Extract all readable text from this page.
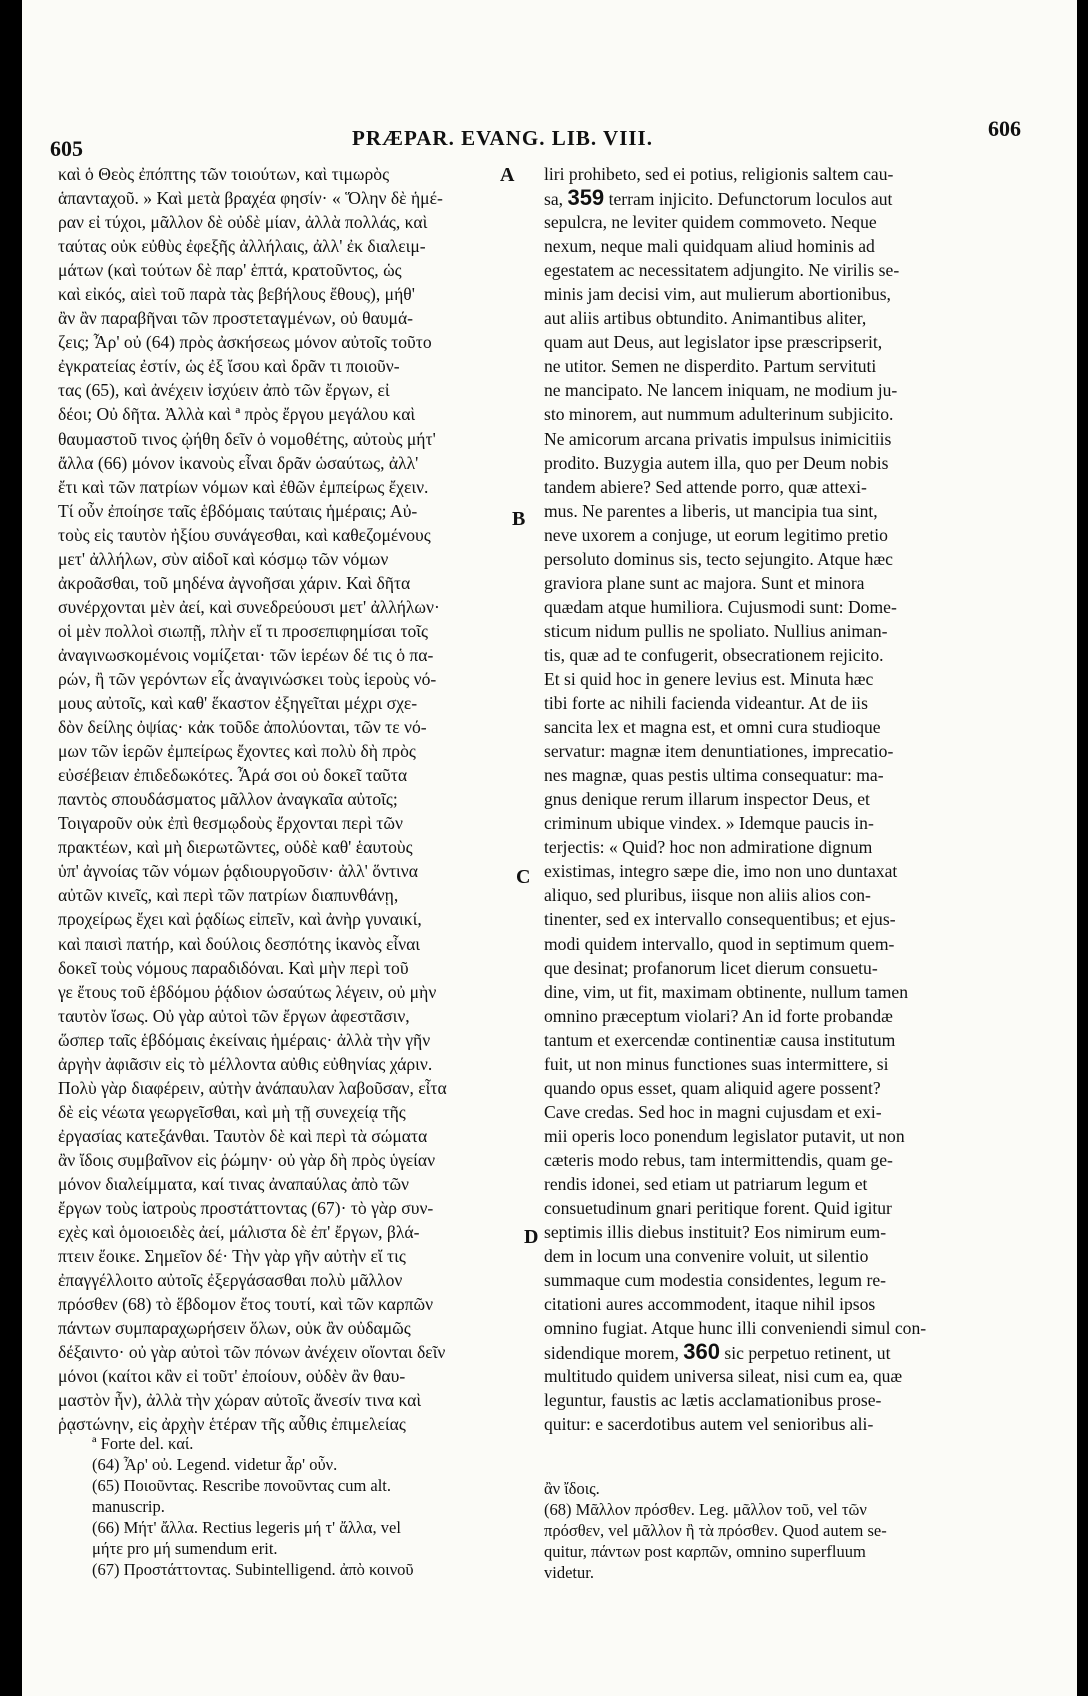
605	PRÆPAR. EVANG. LIB. VIII.	606
καὶ ὁ Θεὸς ἐπόπτης τῶν τοιούτων, καὶ τιμωρὸς
ἁπανταχοῦ. » Καὶ μετὰ βραχέα φησίν· « Ὅλην δὲ ἡμέ-
ραν εἰ τύχοι, μᾶλλον δὲ οὐδὲ μίαν, ἀλλὰ πολλάς, καὶ
ταύτας οὐκ εὐθὺς ἐφεξῆς ἀλλήλαις, ἀλλ' ἐκ διαλειμ-
μάτων (καὶ τούτων δὲ παρ' ἑπτά, κρατοῦντος, ὡς
καὶ εἰκός, αἰεὶ τοῦ παρὰ τὰς βεβήλους ἔθους), μήθ'
ἂν ἂν παραβῆναι τῶν προστεταγμένων, οὐ θαυμά-
ζεις; Ἆρ' οὐ (64) πρὸς ἀσκήσεως μόνον αὐτοῖς τοῦτο
ἐγκρατείας ἐστίν, ὡς ἐξ ἴσου καὶ δρᾶν τι ποιοῦν-
τας (65), καὶ ἀνέχειν ἰσχύειν ἀπὸ τῶν ἔργων, εἰ
δέοι; Οὐ δῆτα. Ἀλλὰ καὶ ª πρὸς ἔργου μεγάλου καὶ
θαυμαστοῦ τινος ᾠήθη δεῖν ὁ νομοθέτης, αὐτοὺς μήτ'
ἄλλα (66) μόνον ἱκανοὺς εἶναι δρᾶν ὡσαύτως, ἀλλ'
ἔτι καὶ τῶν πατρίων νόμων καὶ ἐθῶν ἐμπείρως ἔχειν.
Τί οὖν ἐποίησε ταῖς ἑβδόμαις ταύταις ἡμέραις; Αὐ-
τοὺς εἰς ταυτὸν ἠξίου συνάγεσθαι, καὶ καθεζομένους
μετ' ἀλλήλων, σὺν αἰδοῖ καὶ κόσμῳ τῶν νόμων
ἀκροᾶσθαι, τοῦ μηδένα ἀγνοῆσαι χάριν. Καὶ δῆτα
συνέρχονται μὲν ἀεί, καὶ συνεδρεύουσι μετ' ἀλλήλων·
οἱ μὲν πολλοὶ σιωπῇ, πλὴν εἴ τι προσεπιφημίσαι τοῖς
ἀναγινωσκομένοις νομίζεται· τῶν ἱερέων δέ τις ὁ πα-
ρών, ἢ τῶν γερόντων εἷς ἀναγινώσκει τοὺς ἱεροὺς νό-
μους αὐτοῖς, καὶ καθ' ἕκαστον ἐξηγεῖται μέχρι σχε-
δὸν δείλης ὀψίας· κἀκ τοῦδε ἀπολύονται, τῶν τε νό-
μων τῶν ἱερῶν ἐμπείρως ἔχοντες καὶ πολὺ δὴ πρὸς
εὐσέβειαν ἐπιδεδωκότες. Ἆρά σοι οὐ δοκεῖ ταῦτα
παντὸς σπουδάσματος μᾶλλον ἀναγκαῖα αὐτοῖς;
Τοιγαροῦν οὐκ ἐπὶ θεσμῳδοὺς ἔρχονται περὶ τῶν
πρακτέων, καὶ μὴ διερωτῶντες, οὐδὲ καθ' ἑαυτοὺς
ὑπ' ἀγνοίας τῶν νόμων ῥᾳδιουργοῦσιν· ἀλλ' ὅντινα
αὐτῶν κινεῖς, καὶ περὶ τῶν πατρίων διαπυνθάνῃ,
προχείρως ἔχει καὶ ῥᾳδίως εἰπεῖν, καὶ ἀνὴρ γυναικί,
καὶ παισὶ πατήρ, καὶ δούλοις δεσπότης ἱκανὸς εἶναι
δοκεῖ τοὺς νόμους παραδιδόναι. Καὶ μὴν περὶ τοῦ
γε ἔτους τοῦ ἑβδόμου ῥᾴδιον ὡσαύτως λέγειν, οὐ μὴν
ταυτὸν ἴσως. Οὐ γὰρ αὐτοὶ τῶν ἔργων ἀφεστᾶσιν,
ὥσπερ ταῖς ἑβδόμαις ἐκείναις ἡμέραις· ἀλλὰ τὴν γῆν
ἀργὴν ἀφιᾶσιν εἰς τὸ μέλλοντα αὐθις εὐθηνίας χάριν.
Πολὺ γὰρ διαφέρειν, αὐτὴν ἀνάπαυλαν λαβοῦσαν, εἶτα
δὲ εἰς νέωτα γεωργεῖσθαι, καὶ μὴ τῇ συνεχείᾳ τῆς
ἐργασίας κατεξάνθαι. Ταυτὸν δὲ καὶ περὶ τὰ σώματα
ἂν ἴδοις συμβαῖνον εἰς ῥώμην· οὐ γὰρ δὴ πρὸς ὑγείαν
μόνον διαλείμματα, καί τινας ἀναπαύλας ἀπὸ τῶν
ἔργων τοὺς ἰατροὺς προστάττοντας (67)· τὸ γὰρ συν-
εχὲς καὶ ὁμοιοειδὲς ἀεί, μάλιστα δὲ ἐπ' ἔργων, βλά-
πτειν ἔοικε. Σημεῖον δέ· Τὴν γὰρ γῆν αὐτὴν εἴ τις
ἐπαγγέλλοιτο αὐτοῖς ἐξεργάσασθαι πολὺ μᾶλλον
πρόσθεν (68) τὸ ἕβδομον ἔτος τουτί, καὶ τῶν καρπῶν
πάντων συμπαραχωρήσειν ὅλων, οὐκ ἂν οὐδαμῶς
δέξαιντο· οὐ γὰρ αὐτοὶ τῶν πόνων ἀνέχειν οἴονται δεῖν
μόνοι (καίτοι κἂν εἰ τοῦτ' ἐποίουν, οὐδὲν ἂν θαυ-
μαστὸν ἦν), ἀλλὰ τὴν χώραν αὐτοῖς ἄνεσίν τινα καὶ
ῥᾳστώνην, εἰς ἀρχὴν ἑτέραν τῆς αὖθις ἐπιμελείας
liri prohibeto, sed ei potius, religionis saltem cau-
sa, 359 terram injicito. Defunctorum loculos aut
sepulcra, ne leviter quidem commoveto. Neque
nexum, neque mali quidquam aliud hominis ad
egestatem ac necessitatem adjungito. Ne virilis se-
minis jam decisi vim, aut mulierum abortionibus,
aut aliis artibus obtundito. Animantibus aliter,
quam aut Deus, aut legislator ipse præscripserit,
ne utitor. Semen ne disperdito. Partum servituti
ne mancipato. Ne lancem iniquam, ne modium ju-
sto minorem, aut nummum adulterinum subjicito.
Ne amicorum arcana privatis impulsus inimicitiis
prodito. Buzygia autem illa, quo per Deum nobis
tandem abiere? Sed attende porro, quæ attexi-
mus. Ne parentes a liberis, ut mancipia tua sint,
neve uxorem a conjuge, ut eorum legitimo pretio
persoluto dominus sis, tecto sejungito. Atque hæc
graviora plane sunt ac majora. Sunt et minora
quædam atque humiliora. Cujusmodi sunt: Dome-
sticum nidum pullis ne spoliato. Nullius animan-
tis, quæ ad te confugerit, obsecrationem rejicito.
Et si quid hoc in genere levius est. Minuta hæc
tibi forte ac nihili facienda videantur. At de iis
sancita lex et magna est, et omni cura studioque
servatur: magnæ item denuntiationes, imprecatio-
nes magnæ, quas pestis ultima consequatur: ma-
gnus denique rerum illarum inspector Deus, et
criminum ubique vindex. » Idemque paucis in-
terjectis: « Quid? hoc non admiratione dignum
existimas, integro sæpe die, imo non uno duntaxat
aliquo, sed pluribus, iisque non aliis alios con-
tinenter, sed ex intervallo consequentibus; et ejus-
modi quidem intervallo, quod in septimum quem-
que desinat; profanorum licet dierum consuetu-
dine, vim, ut fit, maximam obtinente, nullum tamen
omnino præceptum violari? An id forte probandæ
tantum et exercendæ continentiæ causa institutum
fuit, ut non minus functiones suas intermittere, si
quando opus esset, quam aliquid agere possent?
Cave credas. Sed hoc in magni cujusdam et exi-
mii operis loco ponendum legislator putavit, ut non
cæteris modo rebus, tam intermittendis, quam ge-
rendis idonei, sed etiam ut patriarum legum et
consuetudinum gnari peritique forent. Quid igitur
septimis illis diebus instituit? Eos nimirum eum-
dem in locum una convenire voluit, ut silentio
summaque cum modestia considentes, legum re-
citationi aures accommodent, itaque nihil ipsos
omnino fugiat. Atque hunc illi conveniendi simul con-
sidendique morem, 360 sic perpetuo retinent, ut
multitudo quidem universa sileat, nisi cum ea, quæ
leguntur, faustis ac lætis acclamationibus prose-
quitur: e sacerdotibus autem vel senioribus ali-
A
B
C
D
ª Forte del. καί.
(64) Ἆρ' οὐ. Legend. videtur ἆρ' οὖν.
(65) Ποιοῦντας. Rescribe πονοῦντας cum alt.
manuscrip.
(66) Μήτ' ἄλλα. Rectius legeris μή τ' ἄλλα, vel
μήτε pro μή sumendum erit.
(67) Προστάττοντας. Subintelligend. ἀπὸ κοινοῦ
ἂν ἴδοις.
(68) Μᾶλλον πρόσθεν. Leg. μᾶλλον τοῦ, vel τῶν
πρόσθεν, vel μᾶλλον ἢ τὰ πρόσθεν. Quod autem se-
quitur, πάντων post καρπῶν, omnino superfluum
videtur.
